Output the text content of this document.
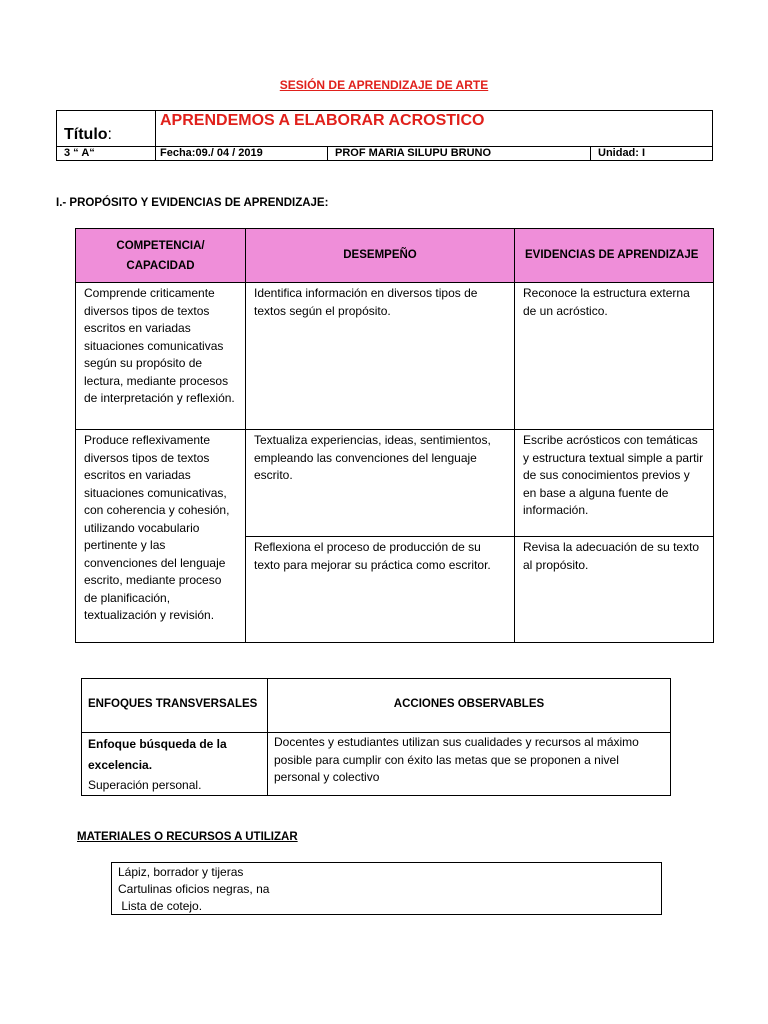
SESIÓN DE APRENDIZAJE DE ARTE
Título:	APRENDEMOS A ELABORAR ACROSTICO		
3 “ A“	Fecha:09./ 04 / 2019	PROF MARIA SILUPU BRUNO	Unidad: I
I.- PROPÓSITO Y EVIDENCIAS DE APRENDIZAJE:
COMPETENCIA/ CAPACIDAD	DESEMPEÑO	EVIDENCIAS DE APRENDIZAJE
Comprende criticamente diversos tipos de textos escritos en variadas situaciones comunicativas según su propósito de lectura, mediante procesos de interpretación y reflexión.	Identifica información en diversos tipos de textos según el propósito.	Reconoce la estructura externa de un acróstico.
Produce reflexivamente diversos tipos de textos escritos en variadas situaciones comunicativas, con coherencia y cohesión, utilizando vocabulario pertinente y las convenciones del lenguaje escrito, mediante proceso de planificación, textualización y revisión.	Textualiza experiencias, ideas, sentimientos, empleando las convenciones del lenguaje escrito.	Escribe acrósticos con temáticas y estructura textual simple a partir de sus conocimientos previos y en base a alguna fuente de información.
	Reflexiona el proceso de producción de su texto para mejorar su práctica como escritor.	Revisa la adecuación de su texto al propósito.
ENFOQUES TRANSVERSALES	ACCIONES OBSERVABLES

Enfoque búsqueda de la excelencia.
Superación personal.	Docentes y estudiantes utilizan sus cualidades y recursos al máximo posible para cumplir con éxito las metas que se proponen a nivel personal y colectivo
MATERIALES O RECURSOS A UTILIZAR
Lápiz, borrador y tijeras
Cartulinas oficios negras, na
Lista de cotejo.
